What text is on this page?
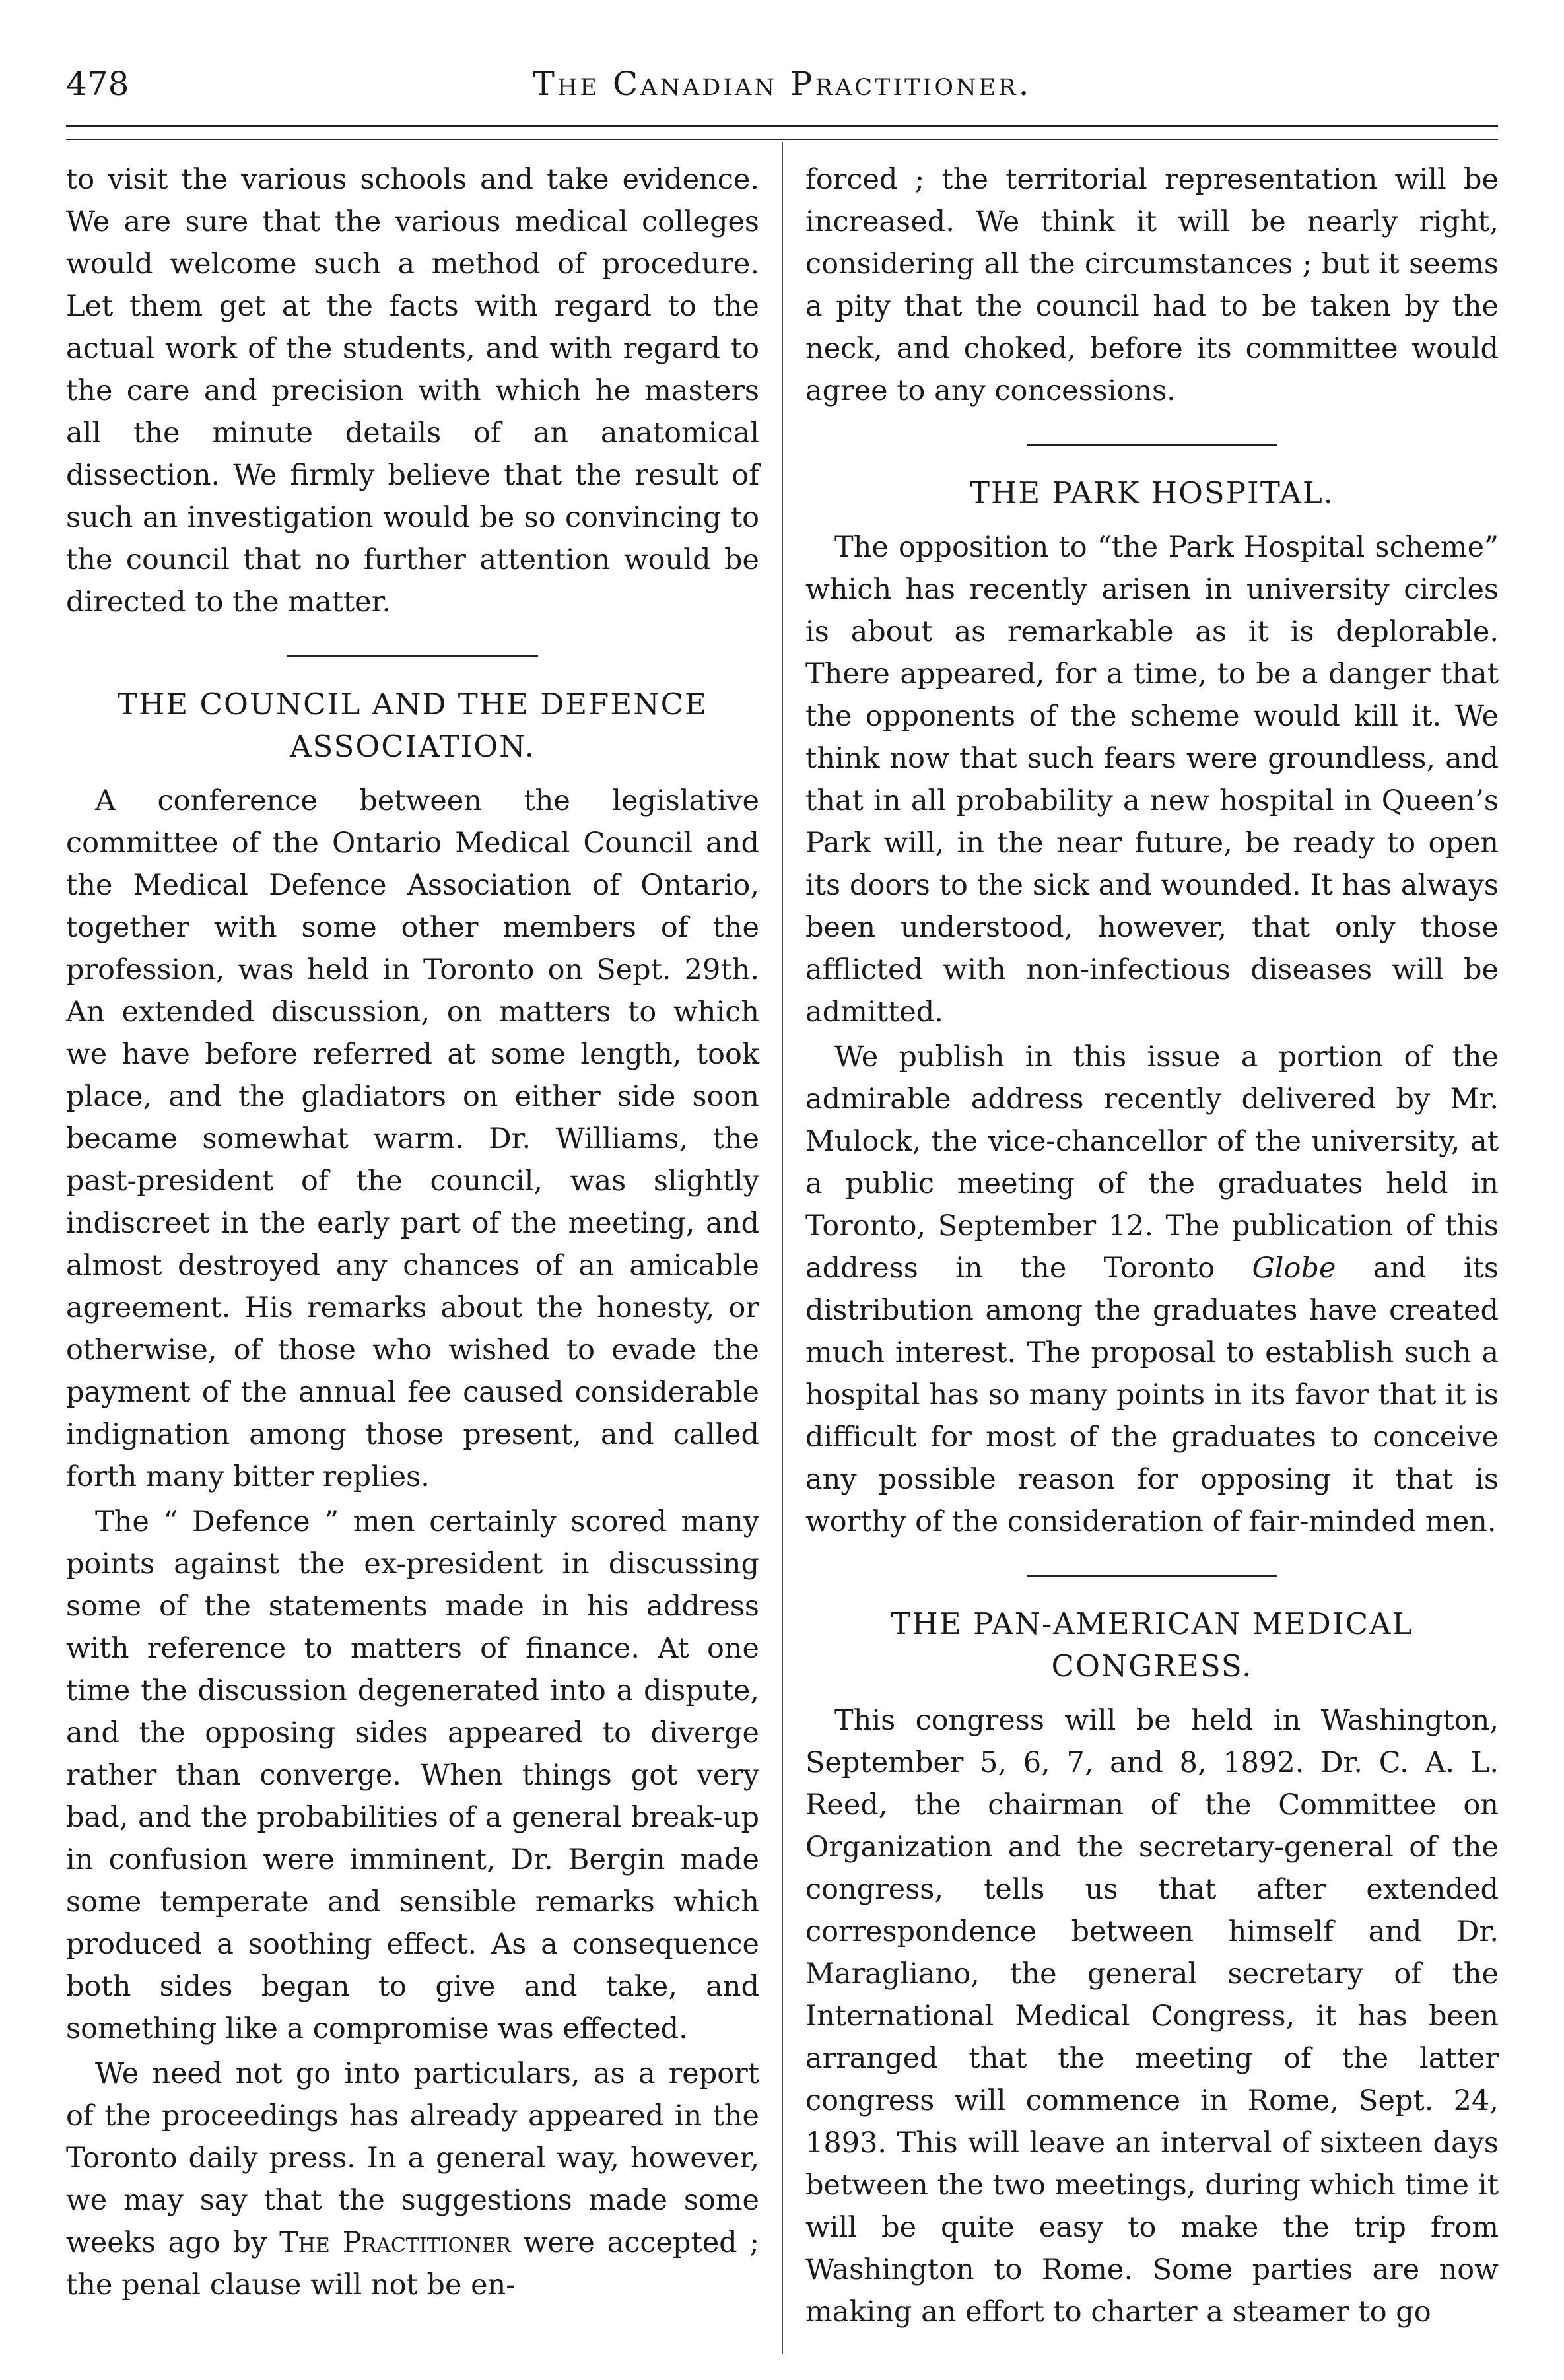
478	The Canadian Practitioner.

to visit the various schools and take evidence. We are sure that the various medical colleges would welcome such a method of procedure. Let them get at the facts with regard to the actual work of the students, and with regard to the care and precision with which he masters all the minute details of an anatomical dissection. We firmly believe that the result of such an investigation would be so convincing to the council that no further attention would be directed to the matter.

THE COUNCIL AND THE DEFENCE ASSOCIATION.

A conference between the legislative committee of the Ontario Medical Council and the Medical Defence Association of Ontario, together with some other members of the profession, was held in Toronto on Sept. 29th. An extended discussion, on matters to which we have before referred at some length, took place, and the gladiators on either side soon became somewhat warm. Dr. Williams, the past-president of the council, was slightly indiscreet in the early part of the meeting, and almost destroyed any chances of an amicable agreement. His remarks about the honesty, or otherwise, of those who wished to evade the payment of the annual fee caused considerable indignation among those present, and called forth many bitter replies.

The “ Defence ” men certainly scored many points against the ex-president in discussing some of the statements made in his address with reference to matters of finance. At one time the discussion degenerated into a dispute, and the opposing sides appeared to diverge rather than converge. When things got very bad, and the probabilities of a general break-up in confusion were imminent, Dr. Bergin made some temperate and sensible remarks which produced a soothing effect. As a consequence both sides began to give and take, and something like a compromise was effected.

We need not go into particulars, as a report of the proceedings has already appeared in the Toronto daily press. In a general way, however, we may say that the suggestions made some weeks ago by The Practitioner were accepted ; the penal clause will not be en-

forced ; the territorial representation will be increased. We think it will be nearly right, considering all the circumstances ; but it seems a pity that the council had to be taken by the neck, and choked, before its committee would agree to any concessions.

THE PARK HOSPITAL.

The opposition to “the Park Hospital scheme” which has recently arisen in university circles is about as remarkable as it is deplorable. There appeared, for a time, to be a danger that the opponents of the scheme would kill it. We think now that such fears were groundless, and that in all probability a new hospital in Queen’s Park will, in the near future, be ready to open its doors to the sick and wounded. It has always been understood, however, that only those afflicted with non-infectious diseases will be admitted.

We publish in this issue a portion of the admirable address recently delivered by Mr. Mulock, the vice-chancellor of the university, at a public meeting of the graduates held in Toronto, September 12. The publication of this address in the Toronto Globe and its distribution among the graduates have created much interest. The proposal to establish such a hospital has so many points in its favor that it is difficult for most of the graduates to conceive any possible reason for opposing it that is worthy of the consideration of fair-minded men.

THE PAN-AMERICAN MEDICAL CONGRESS.

This congress will be held in Washington, September 5, 6, 7, and 8, 1892. Dr. C. A. L. Reed, the chairman of the Committee on Organization and the secretary-general of the congress, tells us that after extended correspondence between himself and Dr. Maragliano, the general secretary of the International Medical Congress, it has been arranged that the meeting of the latter congress will commence in Rome, Sept. 24, 1893. This will leave an interval of sixteen days between the two meetings, during which time it will be quite easy to make the trip from Washington to Rome. Some parties are now making an effort to charter a steamer to go
